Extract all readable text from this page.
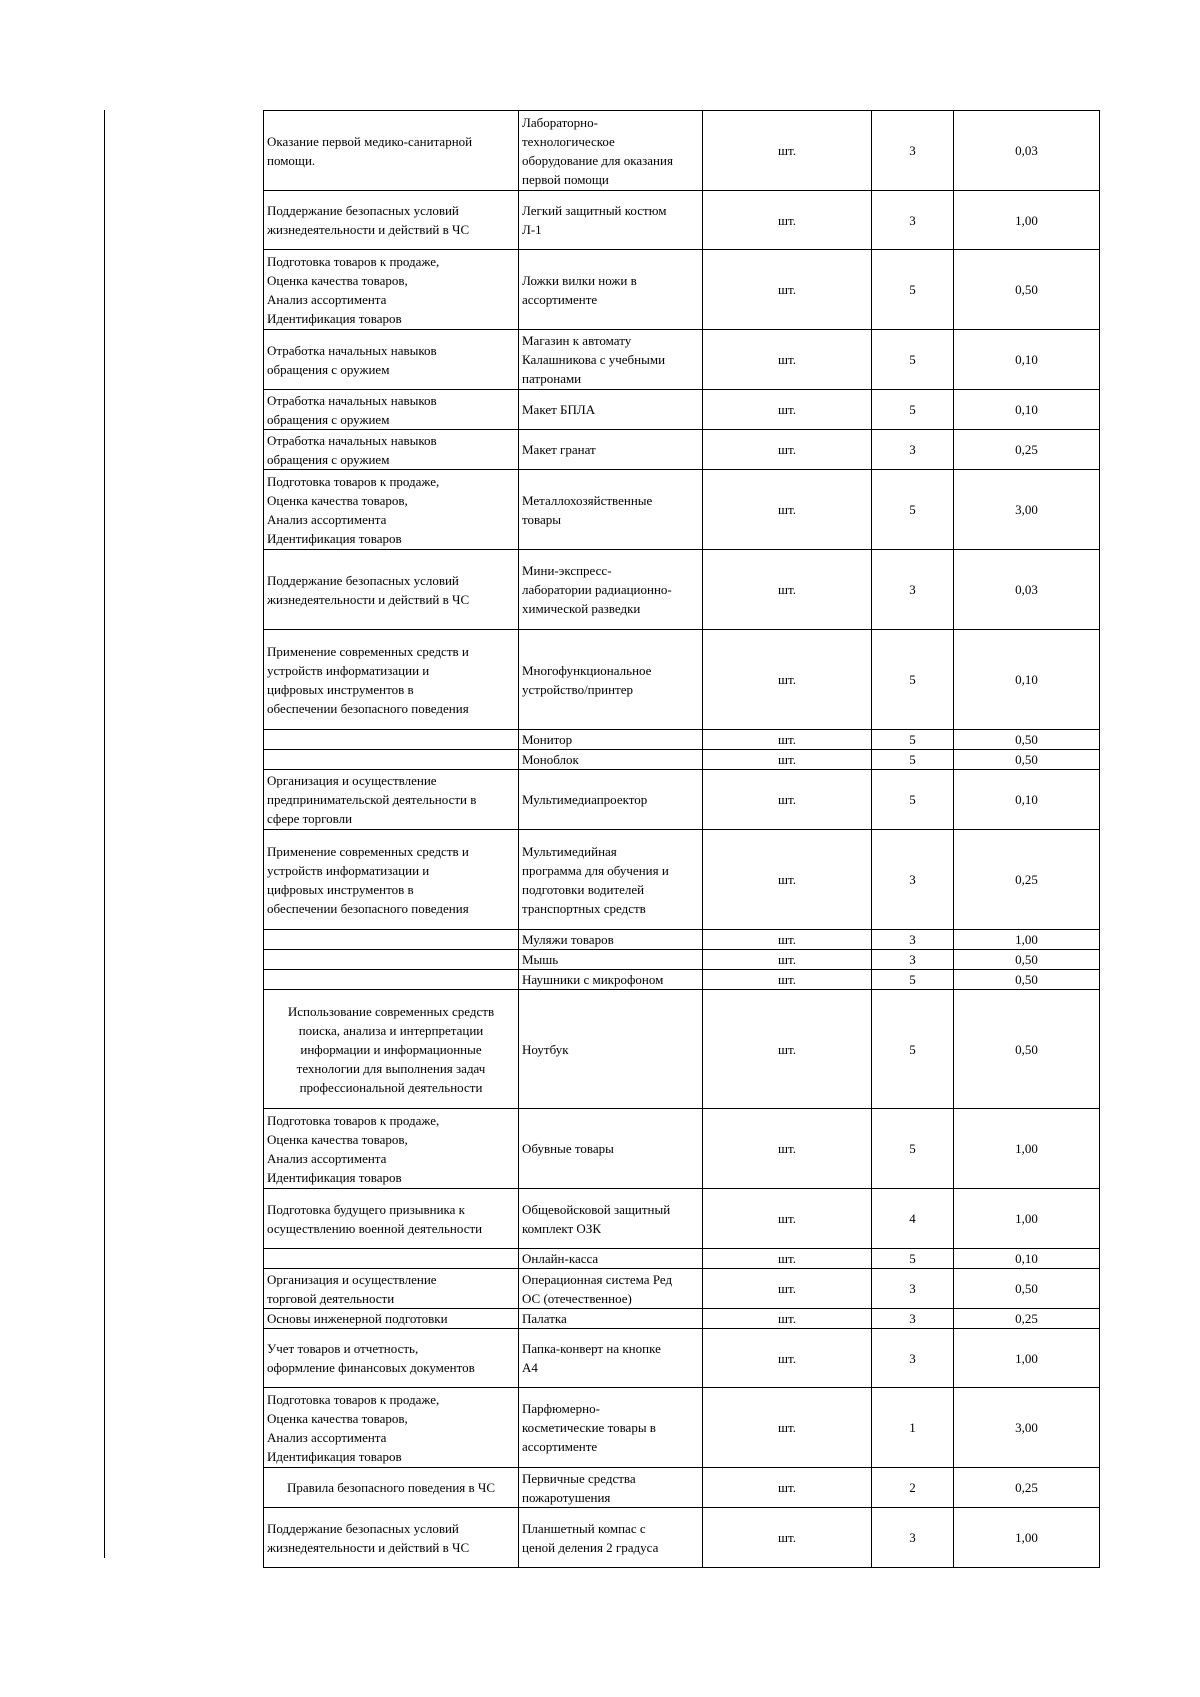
Оказание первой медико-санитарной
помощи.	Лабораторно-
технологическое
оборудование для оказания
первой помощи	шт.	3	0,03

Поддержание безопасных условий
жизнедеятельности и действий в ЧС	Легкий защитный костюм
Л-1	шт.	3	1,00

Подготовка товаров к продаже,
Оценка качества товаров,
Анализ ассортимента
Идентификация товаров	Ложки вилки ножи в
ассортименте	шт.	5	0,50

Отработка начальных навыков
обращения с оружием	Магазин к автомату
Калашникова с учебными
патронами	шт.	5	0,10

Отработка начальных навыков
обращения с оружием	Макет БПЛА	шт.	5	0,10

Отработка начальных навыков
обращения с оружием	Макет гранат	шт.	3	0,25

Подготовка товаров к продаже,
Оценка качества товаров,
Анализ ассортимента
Идентификация товаров	Металлохозяйственные
товары	шт.	5	3,00

Поддержание безопасных условий
жизнедеятельности и действий в ЧС	Мини-экспресс-
лаборатории радиационно-
химической разведки	шт.	3	0,03

Применение современных средств и
устройств информатизации и
цифровых инструментов в
обеспечении безопасного поведения	Многофункциональное
устройство/принтер	шт.	5	0,10

	Монитор	шт.	5	0,50

	Моноблок	шт.	5	0,50

Организация и осуществление
предпринимательской деятельности в
сфере торговли	Мультимедиапроектор	шт.	5	0,10

Применение современных средств и
устройств информатизации и
цифровых инструментов в
обеспечении безопасного поведения	Мультимедийная
программа для обучения и
подготовки водителей
транспортных средств	шт.	3	0,25

	Муляжи товаров	шт.	3	1,00

	Мышь	шт.	3	0,50

	Наушники с микрофоном	шт.	5	0,50

Использование современных средств
поиска, анализа и интерпретации
информации и информационные
технологии для выполнения задач
профессиональной деятельности	Ноутбук	шт.	5	0,50

Подготовка товаров к продаже,
Оценка качества товаров,
Анализ ассортимента
Идентификация товаров	Обувные товары	шт.	5	1,00

Подготовка будущего призывника к
осуществлению военной деятельности	Общевойсковой защитный
комплект ОЗК	шт.	4	1,00

	Онлайн-касса	шт.	5	0,10

Организация и осуществление
торговой деятельности	Операционная система Ред
ОС (отечественное)	шт.	3	0,50

Основы инженерной подготовки	Палатка	шт.	3	0,25

Учет товаров и отчетность,
оформление финансовых документов	Папка-конверт на кнопке
А4	шт.	3	1,00

Подготовка товаров к продаже,
Оценка качества товаров,
Анализ ассортимента
Идентификация товаров	Парфюмерно-
косметические товары в
ассортименте	шт.	1	3,00

Правила безопасного поведения в ЧС	Первичные средства
пожаротушения	шт.	2	0,25

Поддержание безопасных условий
жизнедеятельности и действий в ЧС	Планшетный компас с
ценой деления 2 градуса	шт.	3	1,00
